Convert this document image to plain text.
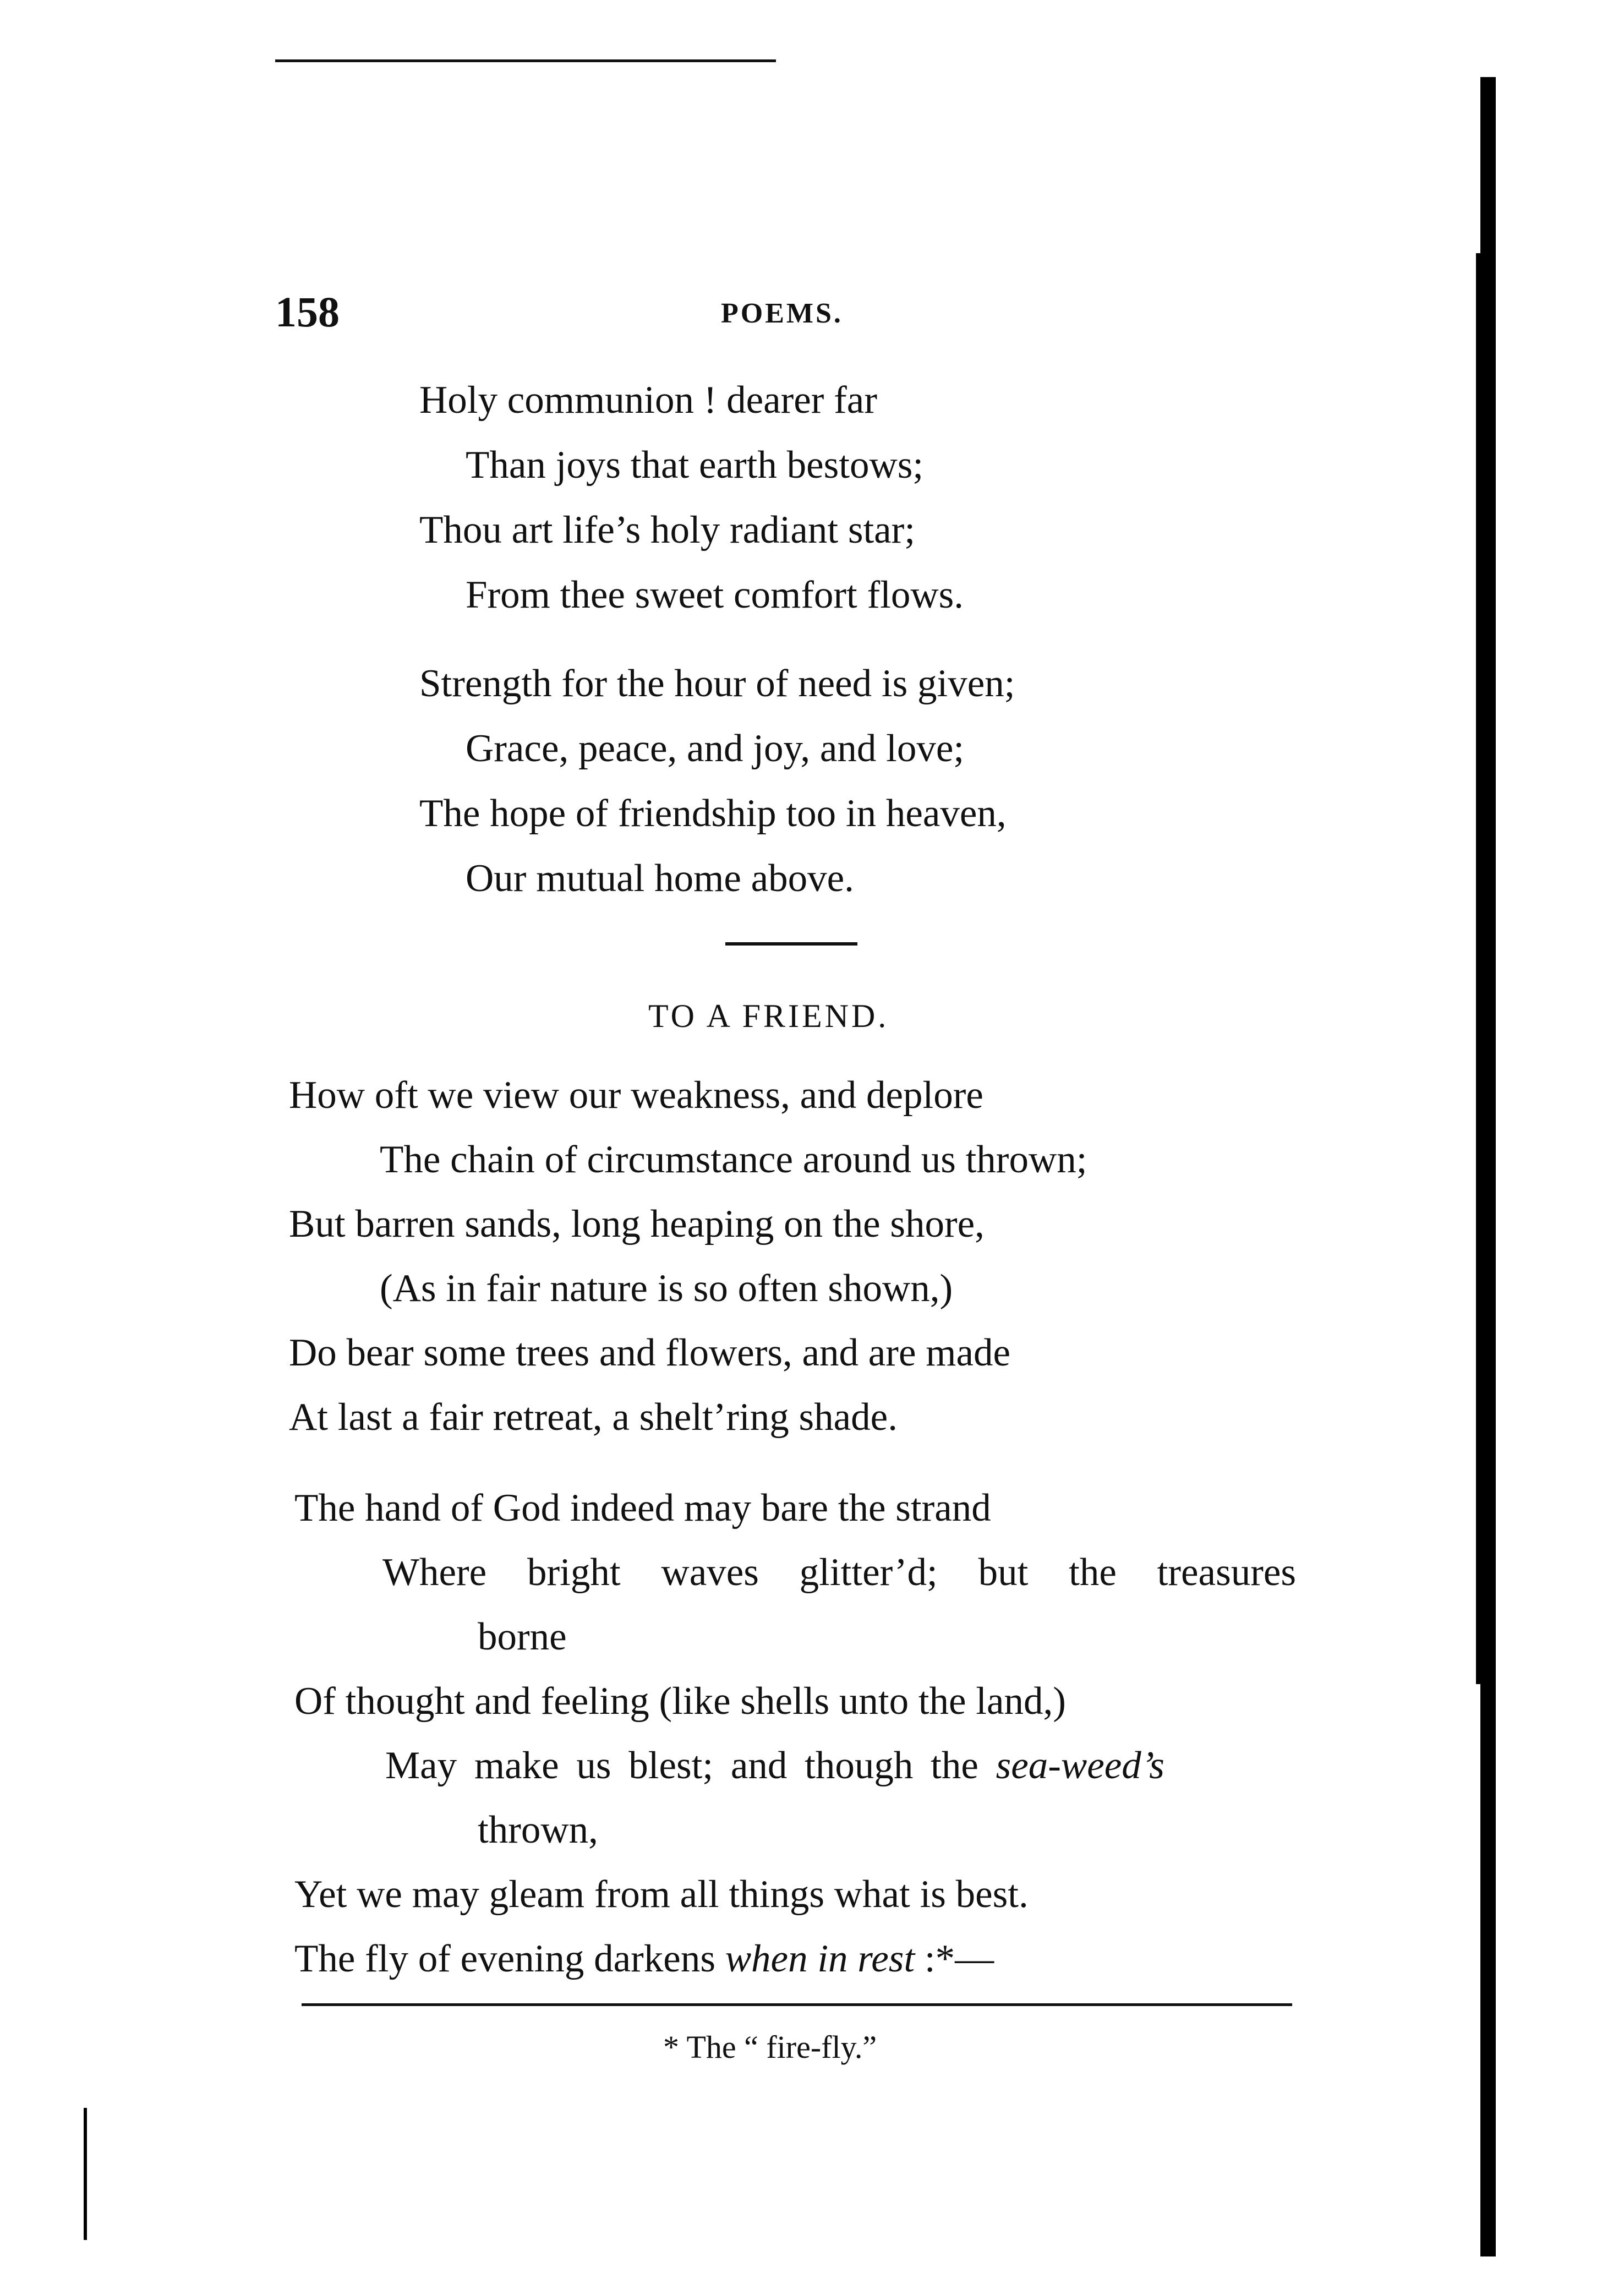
158	POEMS.
Holy communion ! dearer far
Than joys that earth bestows;
Thou art life’s holy radiant star;
From thee sweet comfort flows.
Strength for the hour of need is given;
Grace, peace, and joy, and love;
The hope of friendship too in heaven,
Our mutual home above.
TO A FRIEND.
How oft we view our weakness, and deplore
The chain of circumstance around us thrown;
But barren sands, long heaping on the shore,
(As in fair nature is so often shown,)
Do bear some trees and flowers, and are made
At last a fair retreat, a shelt’ring shade.
The hand of God indeed may bare the strand
Where bright waves glitter’d; but the treasures
borne
Of thought and feeling (like shells unto the land,)
May make us blest; and though the sea-weed’s
thrown,
Yet we may gleam from all things what is best.
The fly of evening darkens when in rest :*—
* The “ fire-fly.”
